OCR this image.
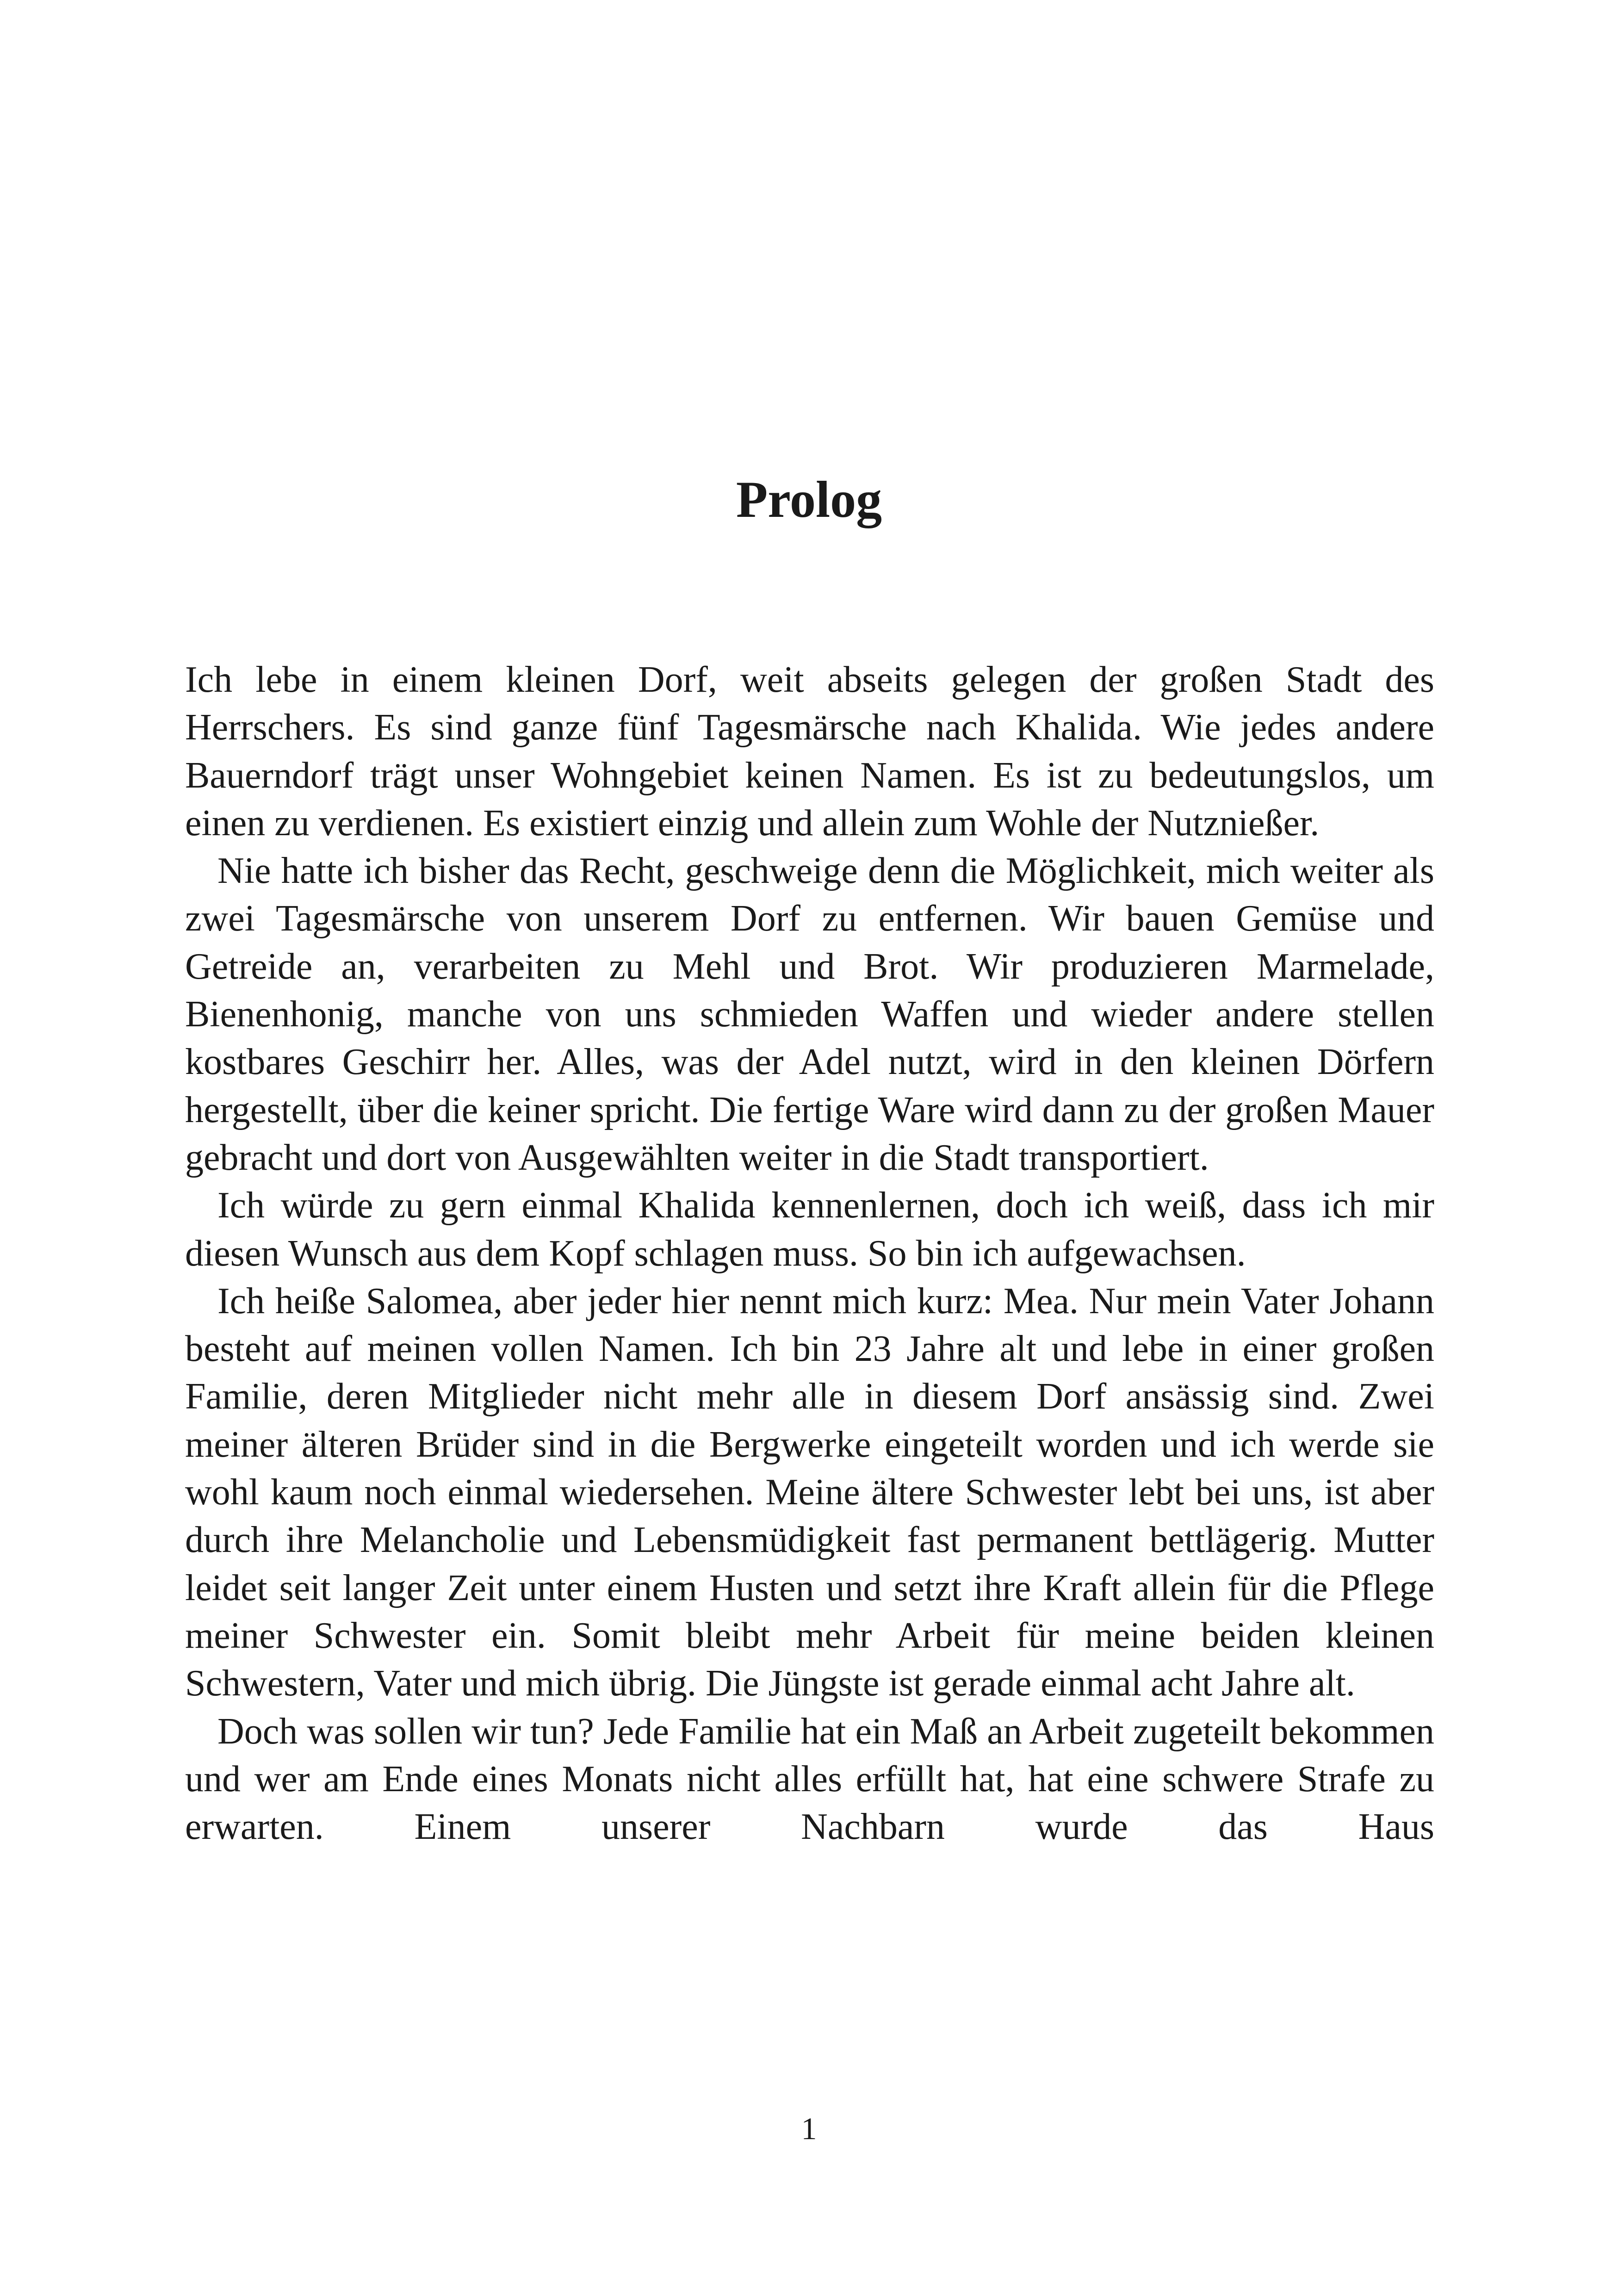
Prolog

Ich lebe in einem kleinen Dorf, weit abseits gelegen der großen Stadt des Herrschers. Es sind ganze fünf Tagesmärsche nach Khalida. Wie jedes andere Bauerndorf trägt unser Wohngebiet keinen Namen. Es ist zu bedeutungslos, um einen zu verdienen. Es existiert einzig und allein zum Wohle der Nutznießer.

Nie hatte ich bisher das Recht, geschweige denn die Möglichkeit, mich weiter als zwei Tagesmärsche von unserem Dorf zu entfernen. Wir bauen Gemüse und Getreide an, verarbeiten zu Mehl und Brot. Wir produzieren Marmelade, Bienenhonig, manche von uns schmieden Waffen und wieder andere stellen kostbares Geschirr her. Alles, was der Adel nutzt, wird in den kleinen Dörfern hergestellt, über die keiner spricht. Die fertige Ware wird dann zu der großen Mauer gebracht und dort von Ausgewählten weiter in die Stadt transportiert.

Ich würde zu gern einmal Khalida kennenlernen, doch ich weiß, dass ich mir diesen Wunsch aus dem Kopf schlagen muss. So bin ich aufgewachsen.

Ich heiße Salomea, aber jeder hier nennt mich kurz: Mea. Nur mein Vater Johann besteht auf meinen vollen Namen. Ich bin 23 Jahre alt und lebe in einer großen Familie, deren Mitglieder nicht mehr alle in diesem Dorf ansässig sind. Zwei meiner älteren Brüder sind in die Bergwerke eingeteilt worden und ich werde sie wohl kaum noch einmal wiedersehen. Meine ältere Schwester lebt bei uns, ist aber durch ihre Melancholie und Lebensmüdigkeit fast permanent bettlägerig. Mutter leidet seit langer Zeit unter einem Husten und setzt ihre Kraft allein für die Pflege meiner Schwester ein. Somit bleibt mehr Arbeit für meine beiden kleinen Schwestern, Vater und mich übrig. Die Jüngste ist gerade einmal acht Jahre alt.

Doch was sollen wir tun? Jede Familie hat ein Maß an Arbeit zugeteilt bekommen und wer am Ende eines Monats nicht alles erfüllt hat, hat eine schwere Strafe zu erwarten. Einem unserer Nachbarn wurde das Haus

1
